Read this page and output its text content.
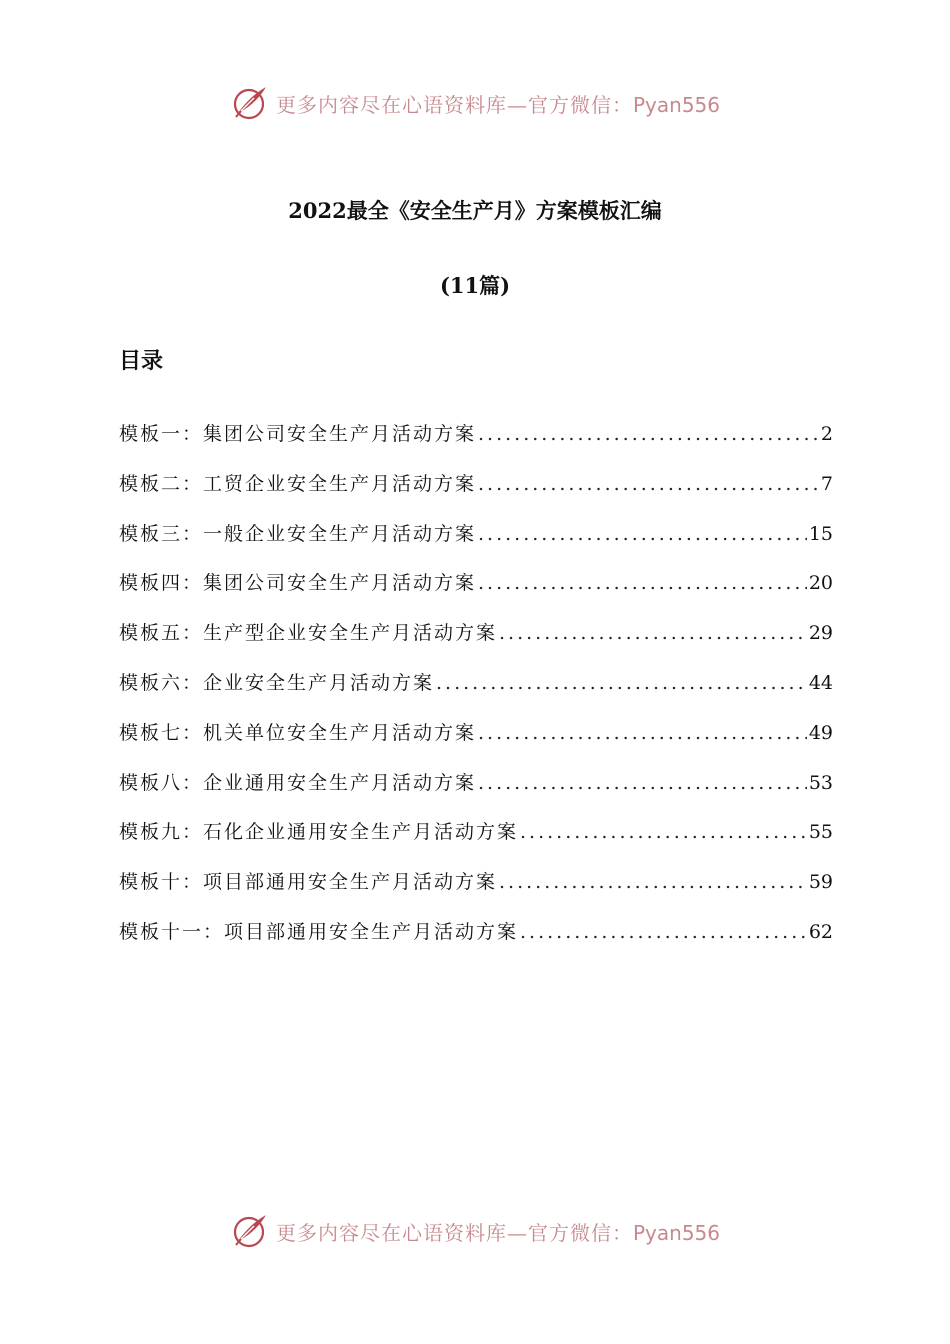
更多内容尽在心语资料库—官方微信：Pyan556
2022最全《安全生产月》方案模板汇编
(11篇)
目录
模板一：集团公司安全生产月活动方案 .....	2
模板二：工贸企业安全生产月活动方案 .....	7
模板三：一般企业安全生产月活动方案 .....	15
模板四：集团公司安全生产月活动方案 .....	20
模板五：生产型企业安全生产月活动方案 .....	29
模板六：企业安全生产月活动方案 .....	44
模板七：机关单位安全生产月活动方案 .....	49
模板八：企业通用安全生产月活动方案 .....	53
模板九：石化企业通用安全生产月活动方案 .....	55
模板十：项目部通用安全生产月活动方案 .....	59
模板十一：项目部通用安全生产月活动方案 .....	62
更多内容尽在心语资料库—官方微信：Pyan556
